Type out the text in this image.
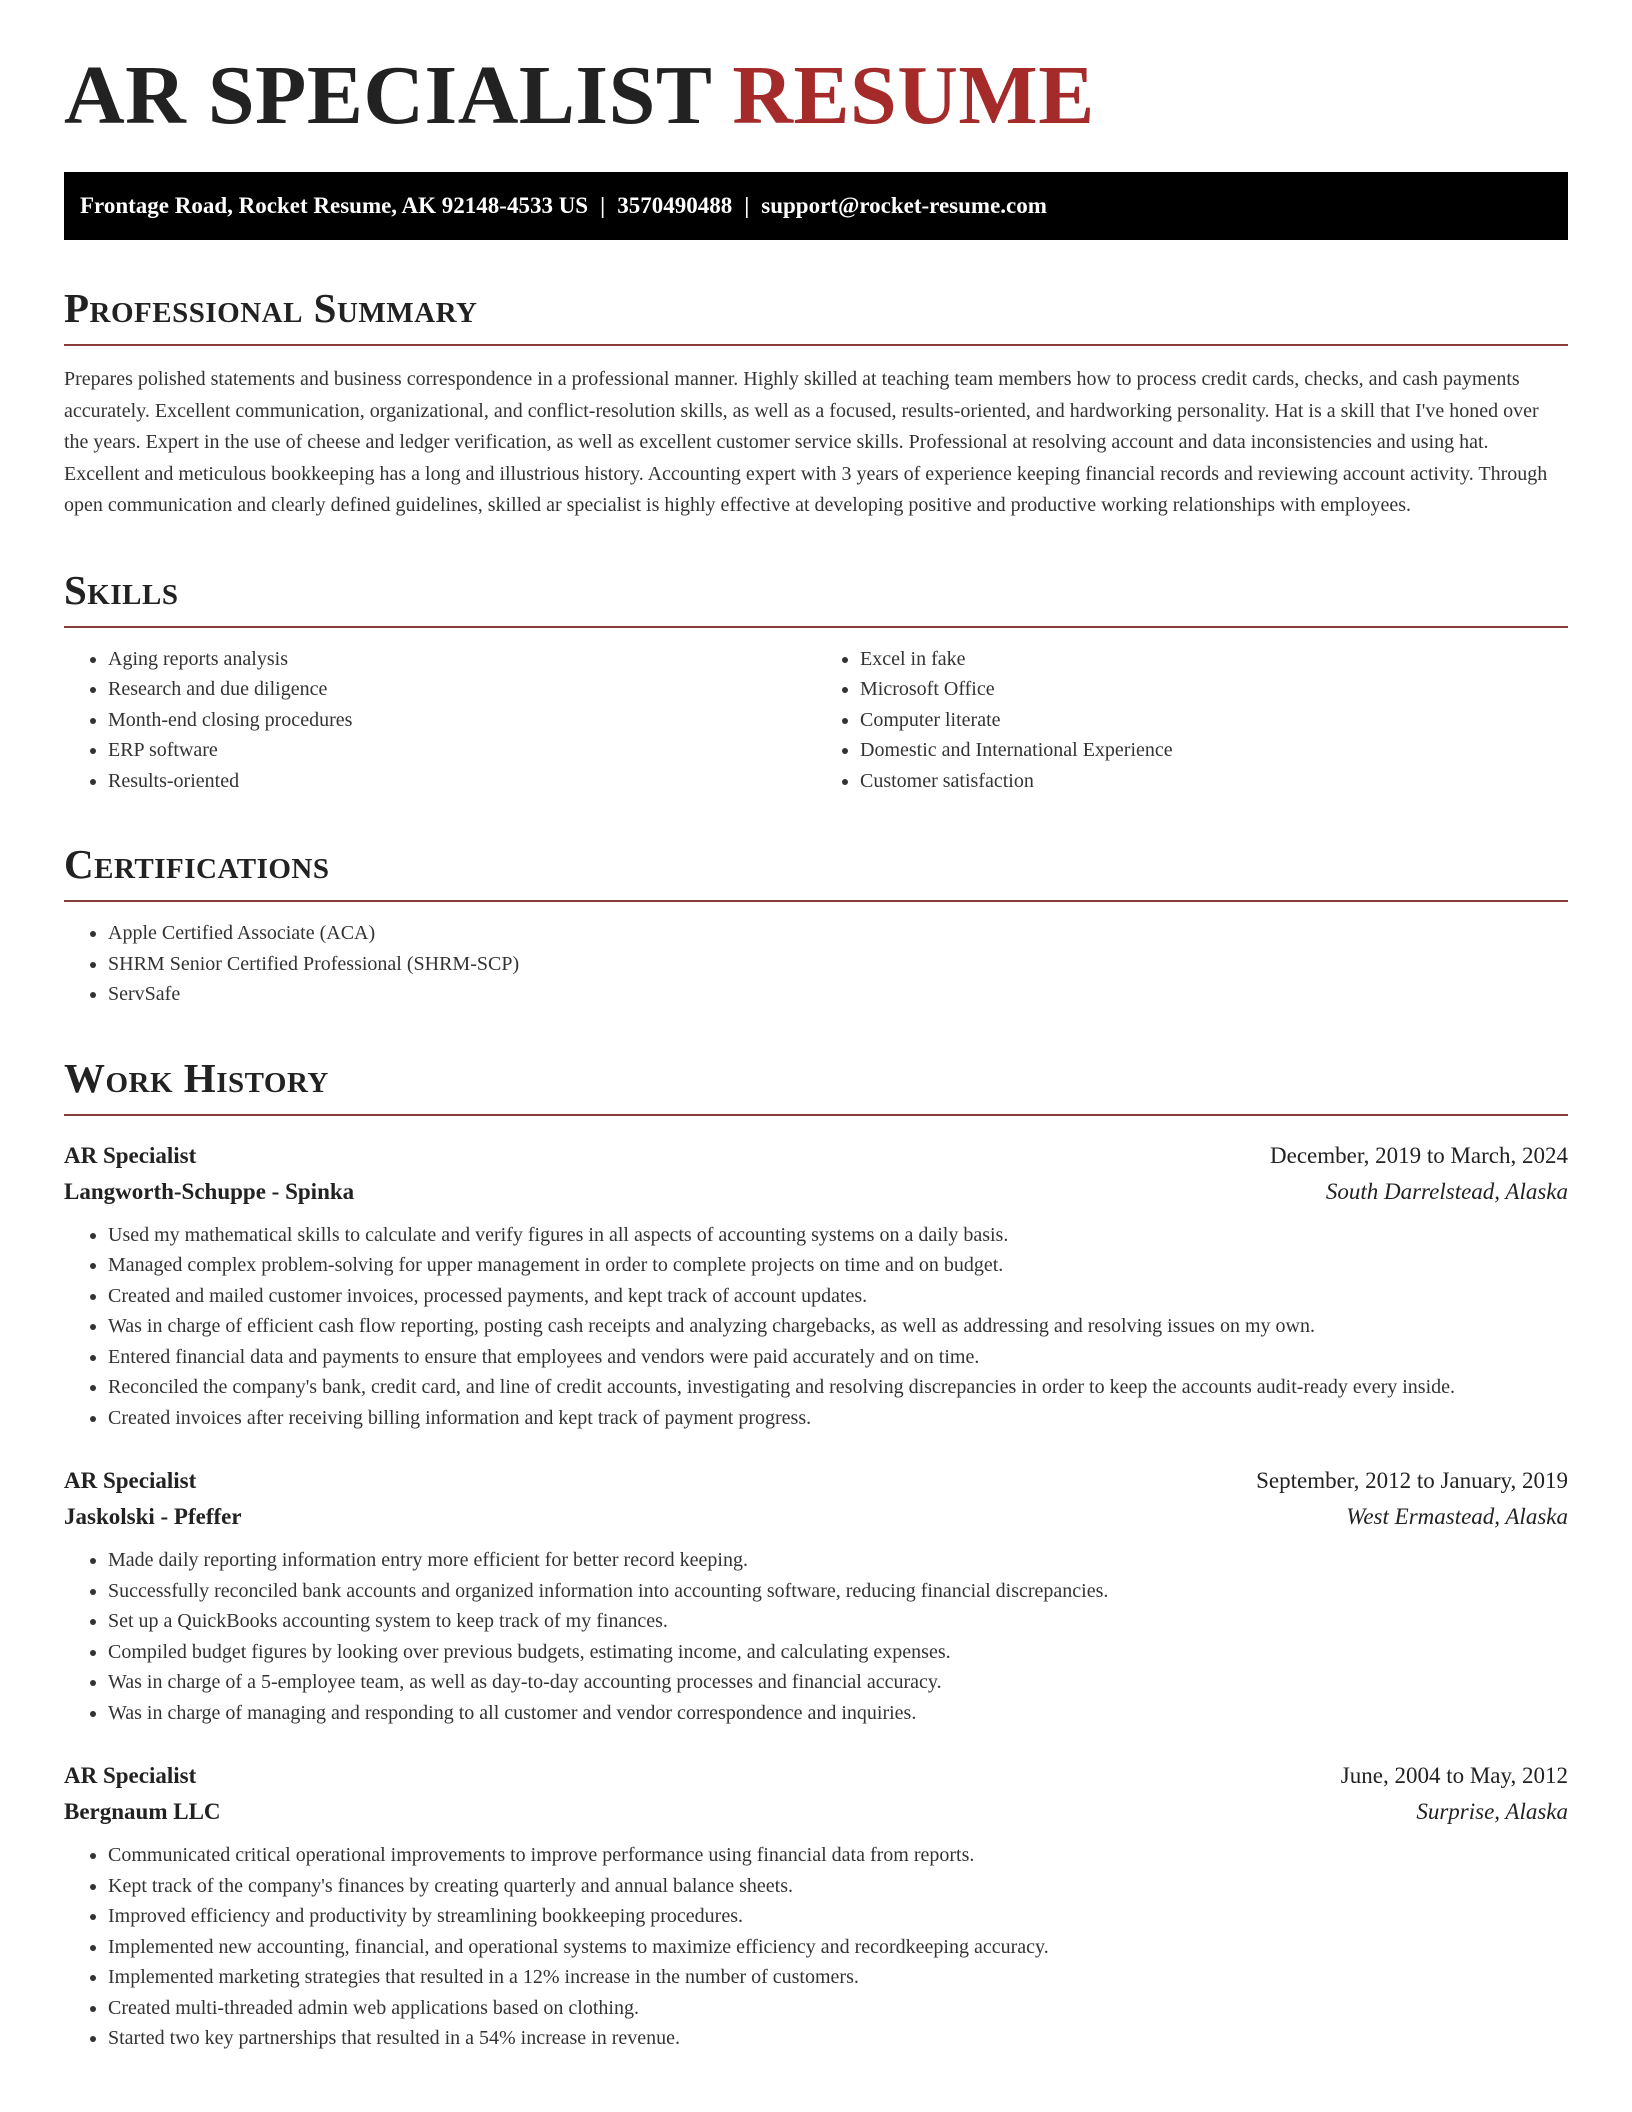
AR SPECIALIST RESUME
Frontage Road, Rocket Resume, AK 92148-4533 US | 3570490488 | support@rocket-resume.com
Professional Summary

Prepares polished statements and business correspondence in a professional manner. Highly skilled at teaching team members how to process credit cards, checks, and cash payments accurately. Excellent communication, organizational, and conflict-resolution skills, as well as a focused, results-oriented, and hardworking personality. Hat is a skill that I've honed over the years. Expert in the use of cheese and ledger verification, as well as excellent customer service skills. Professional at resolving account and data inconsistencies and using hat. Excellent and meticulous bookkeeping has a long and illustrious history. Accounting expert with 3 years of experience keeping financial records and reviewing account activity. Through open communication and clearly defined guidelines, skilled ar specialist is highly effective at developing positive and productive working relationships with employees.

Skills
• Aging reports analysis
• Research and due diligence
• Month-end closing procedures
• ERP software
• Results-oriented
• Excel in fake
• Microsoft Office
• Computer literate
• Domestic and International Experience
• Customer satisfaction
Certifications
• Apple Certified Associate (ACA)
• SHRM Senior Certified Professional (SHRM-SCP)
• ServSafe
Work History
AR Specialist	December, 2019 to March, 2024
Langworth-Schuppe - Spinka	South Darrelstead, Alaska
• Used my mathematical skills to calculate and verify figures in all aspects of accounting systems on a daily basis.
• Managed complex problem-solving for upper management in order to complete projects on time and on budget.
• Created and mailed customer invoices, processed payments, and kept track of account updates.
• Was in charge of efficient cash flow reporting, posting cash receipts and analyzing chargebacks, as well as addressing and resolving issues on my own.
• Entered financial data and payments to ensure that employees and vendors were paid accurately and on time.
• Reconciled the company's bank, credit card, and line of credit accounts, investigating and resolving discrepancies in order to keep the accounts audit-ready every inside.
• Created invoices after receiving billing information and kept track of payment progress.
AR Specialist	September, 2012 to January, 2019
Jaskolski - Pfeffer	West Ermastead, Alaska
• Made daily reporting information entry more efficient for better record keeping.
• Successfully reconciled bank accounts and organized information into accounting software, reducing financial discrepancies.
• Set up a QuickBooks accounting system to keep track of my finances.
• Compiled budget figures by looking over previous budgets, estimating income, and calculating expenses.
• Was in charge of a 5-employee team, as well as day-to-day accounting processes and financial accuracy.
• Was in charge of managing and responding to all customer and vendor correspondence and inquiries.
AR Specialist	June, 2004 to May, 2012
Bergnaum LLC	Surprise, Alaska
• Communicated critical operational improvements to improve performance using financial data from reports.
• Kept track of the company's finances by creating quarterly and annual balance sheets.
• Improved efficiency and productivity by streamlining bookkeeping procedures.
• Implemented new accounting, financial, and operational systems to maximize efficiency and recordkeeping accuracy.
• Implemented marketing strategies that resulted in a 12% increase in the number of customers.
• Created multi-threaded admin web applications based on clothing.
• Started two key partnerships that resulted in a 54% increase in revenue.
